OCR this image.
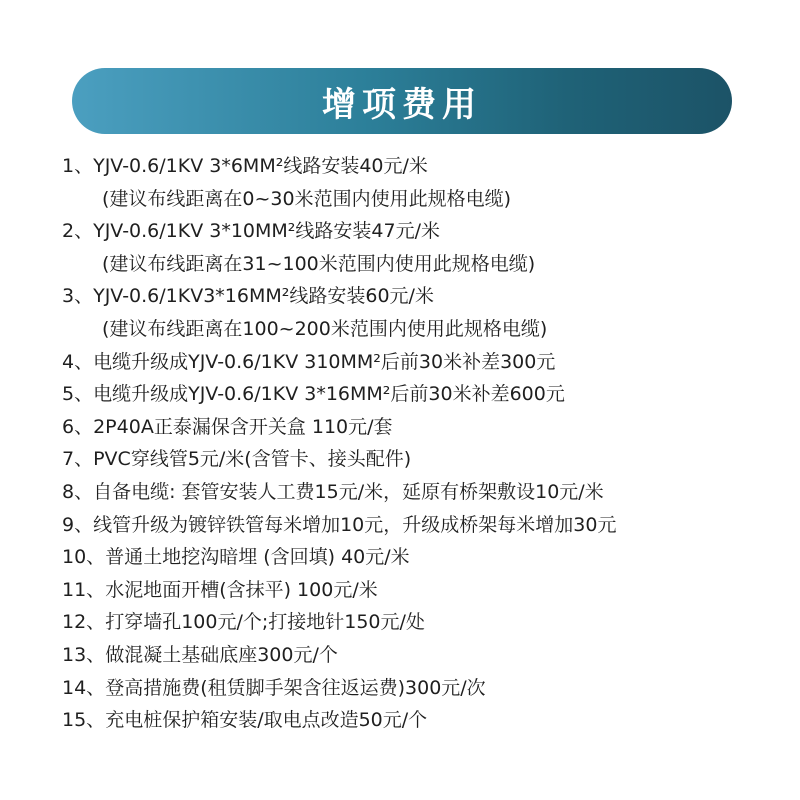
增项费用
1、 YJV-0.6/1KV 3*6MM²线路安装40元/米
(建议布线距离在0~30米范围内使用此规格电缆)
2、 YJV-0.6/1KV 3*10MM²线路安装47元/米
(建议布线距离在31~100米范围内使用此规格电缆)
3、 YJV-0.6/1KV3*16MM²线路安装60元/米
(建议布线距离在100~200米范围内使用此规格电缆)
4、 电缆升级成YJV-0.6/1KV 310MM²后前30米补差300元
5、 电缆升级成YJV-0.6/1KV 3*16MM²后前30米补差600元
6、 2P40A正泰漏保含开关盒 110元/套
7、 PVC穿线管5元/米(含管卡、接头配件)
8、 自备电缆: 套管安装人工费15元/米，延原有桥架敷设10元/米
9、 线管升级为镀锌铁管每米增加10元，升级成桥架每米增加30元
10、 普通土地挖沟暗埋 (含回填) 40元/米
11、 水泥地面开槽(含抹平) 100元/米
12、 打穿墙孔100元/个;打接地针150元/处
13、 做混凝土基础底座300元/个
14、 登高措施费(租赁脚手架含往返运费)300元/次
15、 充电桩保护箱安装/取电点改造50元/个
